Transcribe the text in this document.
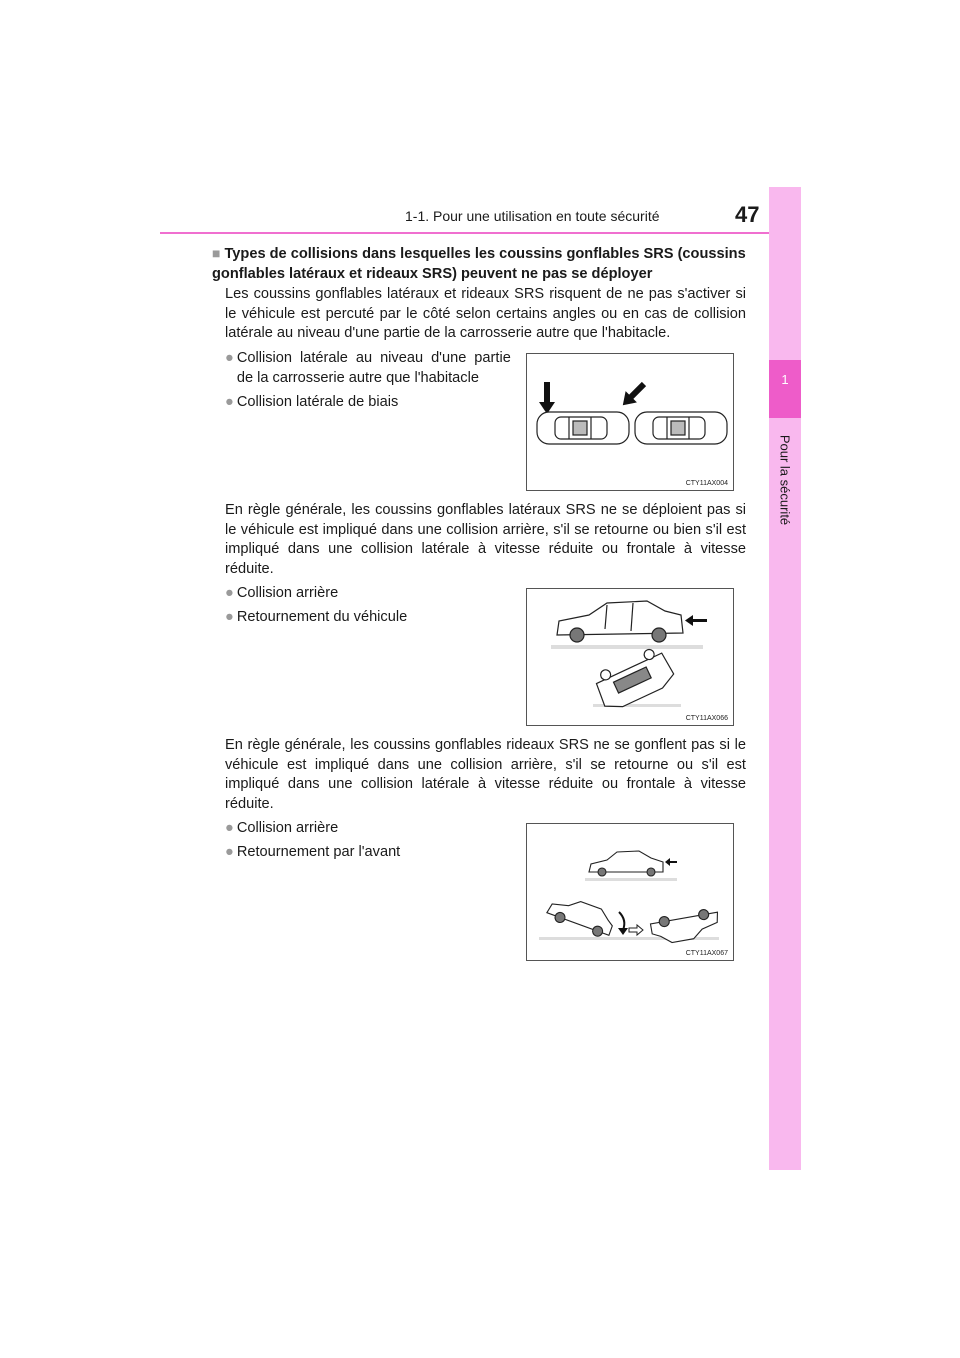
1-1. Pour une utilisation en toute sécurité	47
1
Pour la sécurité
■ Types de collisions dans lesquelles les coussins gonflables SRS (coussins gonflables latéraux et rideaux SRS) peuvent ne pas se déployer
Les coussins gonflables latéraux et rideaux SRS risquent de ne pas s'activer si le véhicule est percuté par le côté selon certains angles ou en cas de collision latérale au niveau d'une partie de la carrosserie autre que l'habitacle.
● Collision latérale au niveau d'une partie de la carrosserie autre que l'habitacle
● Collision latérale de biais
CTY11AX004
En règle générale, les coussins gonflables latéraux SRS ne se déploient pas si le véhicule est impliqué dans une collision arrière, s'il se retourne ou bien s'il est impliqué dans une collision latérale à vitesse réduite ou frontale à vitesse réduite.
● Collision arrière
● Retournement du véhicule
CTY11AX066
En règle générale, les coussins gonflables rideaux SRS ne se gonflent pas si le véhicule est impliqué dans une collision arrière, s'il se retourne ou s'il est impliqué dans une collision latérale à vitesse réduite ou frontale à vitesse réduite.
● Collision arrière
● Retournement par l'avant
CTY11AX067
